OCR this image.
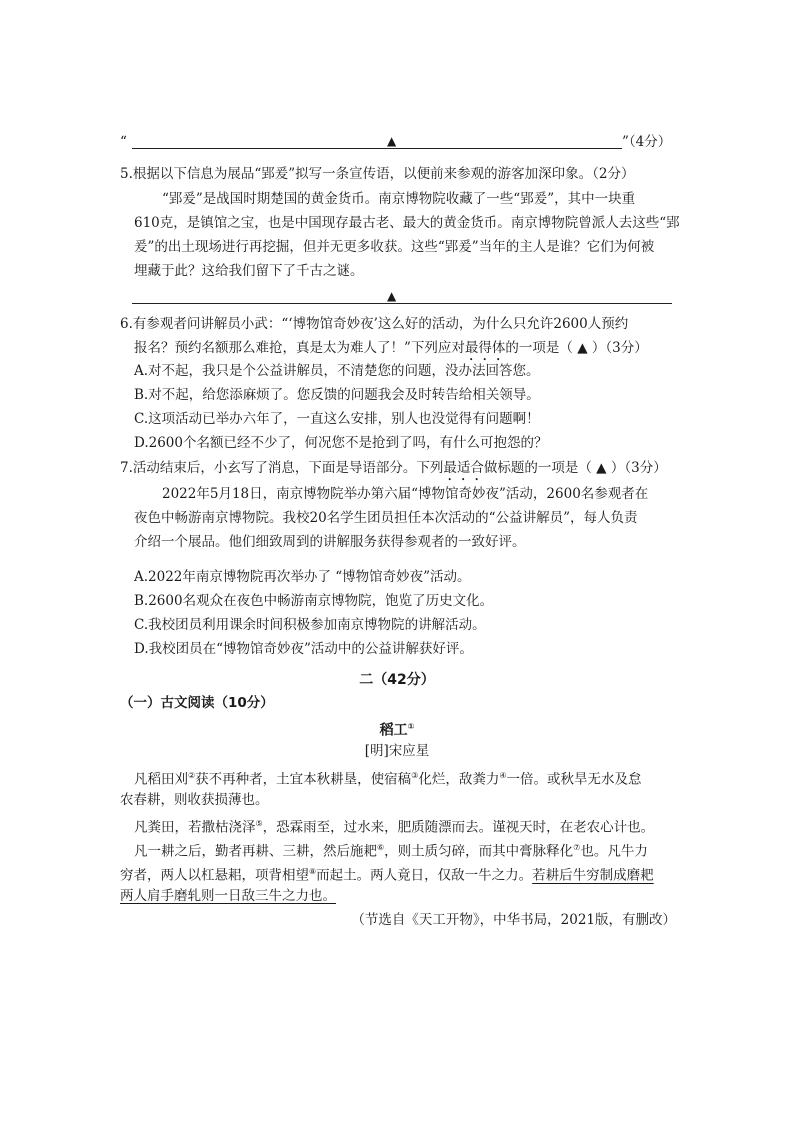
“	▲	”（4分）
5.根据以下信息为展品“郢爰”拟写一条宣传语，以便前来参观的游客加深印象。（2分）
“郢爰”是战国时期楚国的黄金货币。南京博物院收藏了一些“郢爰”，其中一块重
610克，是镇馆之宝，也是中国现存最古老、最大的黄金货币。南京博物院曾派人去这些“郢
爰”的出土现场进行再挖掘，但并无更多收获。这些“郢爰”当年的主人是谁？它们为何被
埋藏于此？这给我们留下了千古之谜。
▲
6.有参观者问讲解员小武：“‘博物馆奇妙夜’这么好的活动，为什么只允许2600人预约
报名？预约名额那么难抢，真是太为难人了！”下列应对最得体的一项是（ ▲ ）（3分）
A.对不起，我只是个公益讲解员，不清楚您的问题，没办法回答您。
B.对不起，给您添麻烦了。您反馈的问题我会及时转告给相关领导。
C.这项活动已举办六年了，一直这么安排，别人也没觉得有问题啊！
D.2600个名额已经不少了，何况您不是抢到了吗，有什么可抱怨的？
7.活动结束后，小玄写了消息，下面是导语部分。下列最适合做标题的一项是（ ▲ ）（3分）
2022年5月18日，南京博物院举办第六届“博物馆奇妙夜”活动，2600名参观者在
夜色中畅游南京博物院。我校20名学生团员担任本次活动的“公益讲解员”，每人负责
介绍一个展品。他们细致周到的讲解服务获得参观者的一致好评。
A.2022年南京博物院再次举办了 “博物馆奇妙夜”活动。
B.2600名观众在夜色中畅游南京博物院，饱览了历史文化。
C.我校团员利用课余时间积极参加南京博物院的讲解活动。
D.我校团员在“博物馆奇妙夜”活动中的公益讲解获好评。
二（42分）
（一）古文阅读（10分）
稻工①
[明]宋应星
凡稻田刈②获不再种者，土宜本秋耕垦，使宿稿③化烂，敌粪力④一倍。或秋旱无水及怠
农春耕，则收获损薄也。
凡粪田，若撒枯浇泽⑤，恐霖雨至，过水来，肥质随漂而去。谨视天时，在老农心计也。
凡一耕之后，勤者再耕、三耕，然后施耙⑥，则土质匀碎，而其中膏脉释化⑦也。凡牛力
穷者，两人以杠悬耜，项背相望⑧而起土。两人竟日，仅敌一牛之力。若耕后牛穷制成磨耙
两人肩手磨轧则一日敌三牛之力也。
（节选自《天工开物》，中华书局，2021版，有删改）
